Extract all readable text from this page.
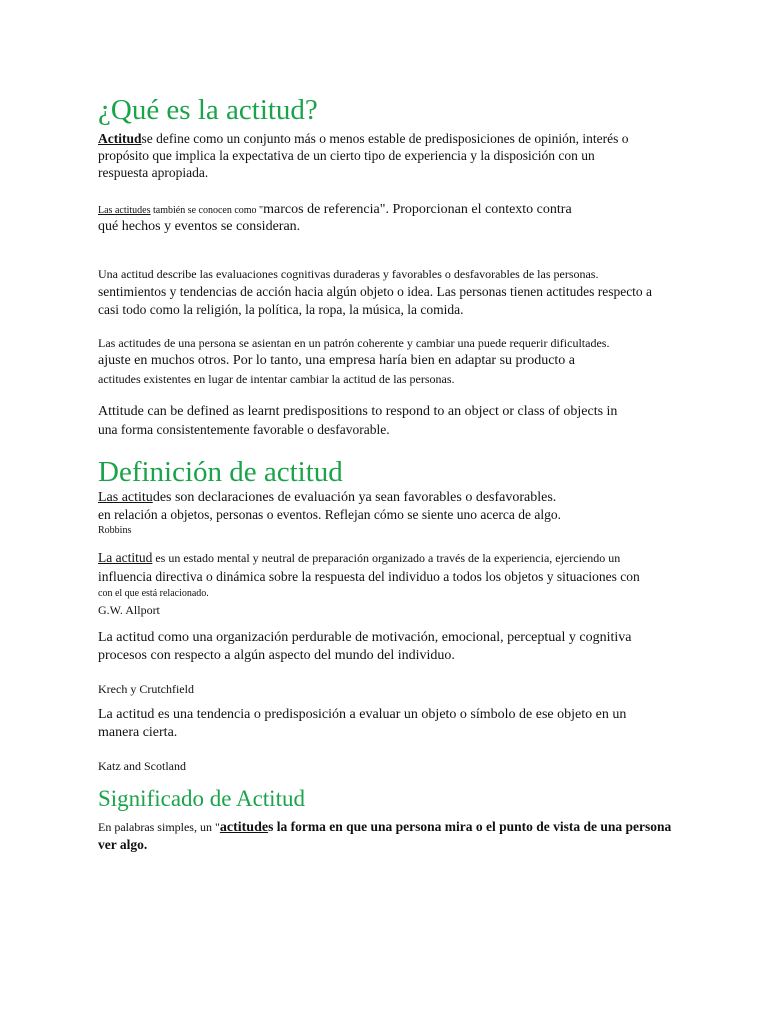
¿Qué es la actitud?
Actitudse define como un conjunto más o menos estable de predisposiciones de opinión, interés o
propósito que implica la expectativa de un cierto tipo de experiencia y la disposición con un
respuesta apropiada.
Las actitudes también se conocen como "marcos de referencia". Proporcionan el contexto contra
qué hechos y eventos se consideran.
Una actitud describe las evaluaciones cognitivas duraderas y favorables o desfavorables de las personas.
sentimientos y tendencias de acción hacia algún objeto o idea. Las personas tienen actitudes respecto a
casi todo como la religión, la política, la ropa, la música, la comida.
Las actitudes de una persona se asientan en un patrón coherente y cambiar una puede requerir dificultades.
ajuste en muchos otros. Por lo tanto, una empresa haría bien en adaptar su producto a
actitudes existentes en lugar de intentar cambiar la actitud de las personas.
Attitude can be defined as learnt predispositions to respond to an object or class of objects in
una forma consistentemente favorable o desfavorable.
Definición de actitud
Las actitudes son declaraciones de evaluación ya sean favorables o desfavorables.
en relación a objetos, personas o eventos. Reflejan cómo se siente uno acerca de algo.
Robbins
La actitud es un estado mental y neutral de preparación organizado a través de la experiencia, ejerciendo un
influencia directiva o dinámica sobre la respuesta del individuo a todos los objetos y situaciones con
con el que está relacionado.
G.W. Allport
La actitud como una organización perdurable de motivación, emocional, perceptual y cognitiva
procesos con respecto a algún aspecto del mundo del individuo.
Krech y Crutchfield
La actitud es una tendencia o predisposición a evaluar un objeto o símbolo de ese objeto en un
manera cierta.
Katz and Scotland
Significado de Actitud
En palabras simples, un "actitudes la forma en que una persona mira o el punto de vista de una persona
ver algo.
